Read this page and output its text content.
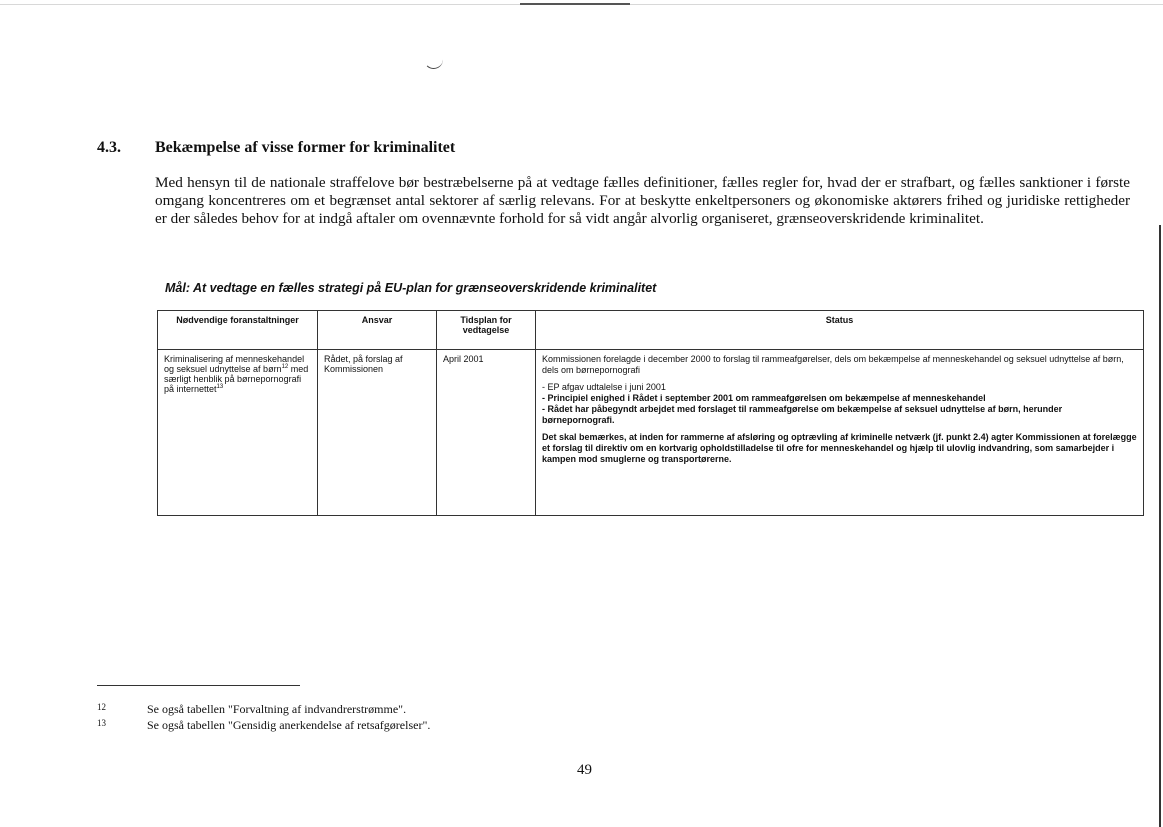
4.3. Bekæmpelse af visse former for kriminalitet
Med hensyn til de nationale straffelove bør bestræbelserne på at vedtage fælles definitioner, fælles regler for, hvad der er strafbart, og fælles sanktioner i første omgang koncentreres om et begrænset antal sektorer af særlig relevans. For at beskytte enkeltpersoners og økonomiske aktørers frihed og juridiske rettigheder er der således behov for at indgå aftaler om ovennævnte forhold for så vidt angår alvorlig organiseret, grænseoverskridende kriminalitet.
Mål: At vedtage en fælles strategi på EU-plan for grænseoverskridende kriminalitet
Nødvendige foranstaltninger	Ansvar	Tidsplan for vedtagelse	Status
Kriminalisering af menneskehandel og seksuel udnyttelse af børn$^{12}$ med særligt henblik på børnepornografi på internettet$^{13}$	Rådet, på forslag af Kommissionen	April 2001	Kommissionen forelagde i december 2000 to forslag til rammeafgørelser, dels om bekæmpelse af menneskehandel og seksuel udnyttelse af børn, dels om børnepornografi

- EP afgav udtalelse i juni 2001

- Principiel enighed i Rådet i september 2001 om rammeafgørelsen om bekæmpelse af menneskehandel

- Rådet har påbegyndt arbejdet med forslaget til rammeafgørelse om bekæmpelse af seksuel udnyttelse af børn, herunder børnepornografi.

Det skal bemærkes, at inden for rammerne af afsløring og optrævling af kriminelle netværk (jf. punkt 2.4) agter Kommissionen at forelægge et forslag til direktiv om en kortvarig opholdstilladelse til ofre for menneskehandel og hjælp til ulovlig indvandring, som samarbejder i kampen mod smuglerne og transportørerne.

12	Se også tabellen "Forvaltning af indvandrerstrømme".
13	Se også tabellen "Gensidig anerkendelse af retsafgørelser".
49
